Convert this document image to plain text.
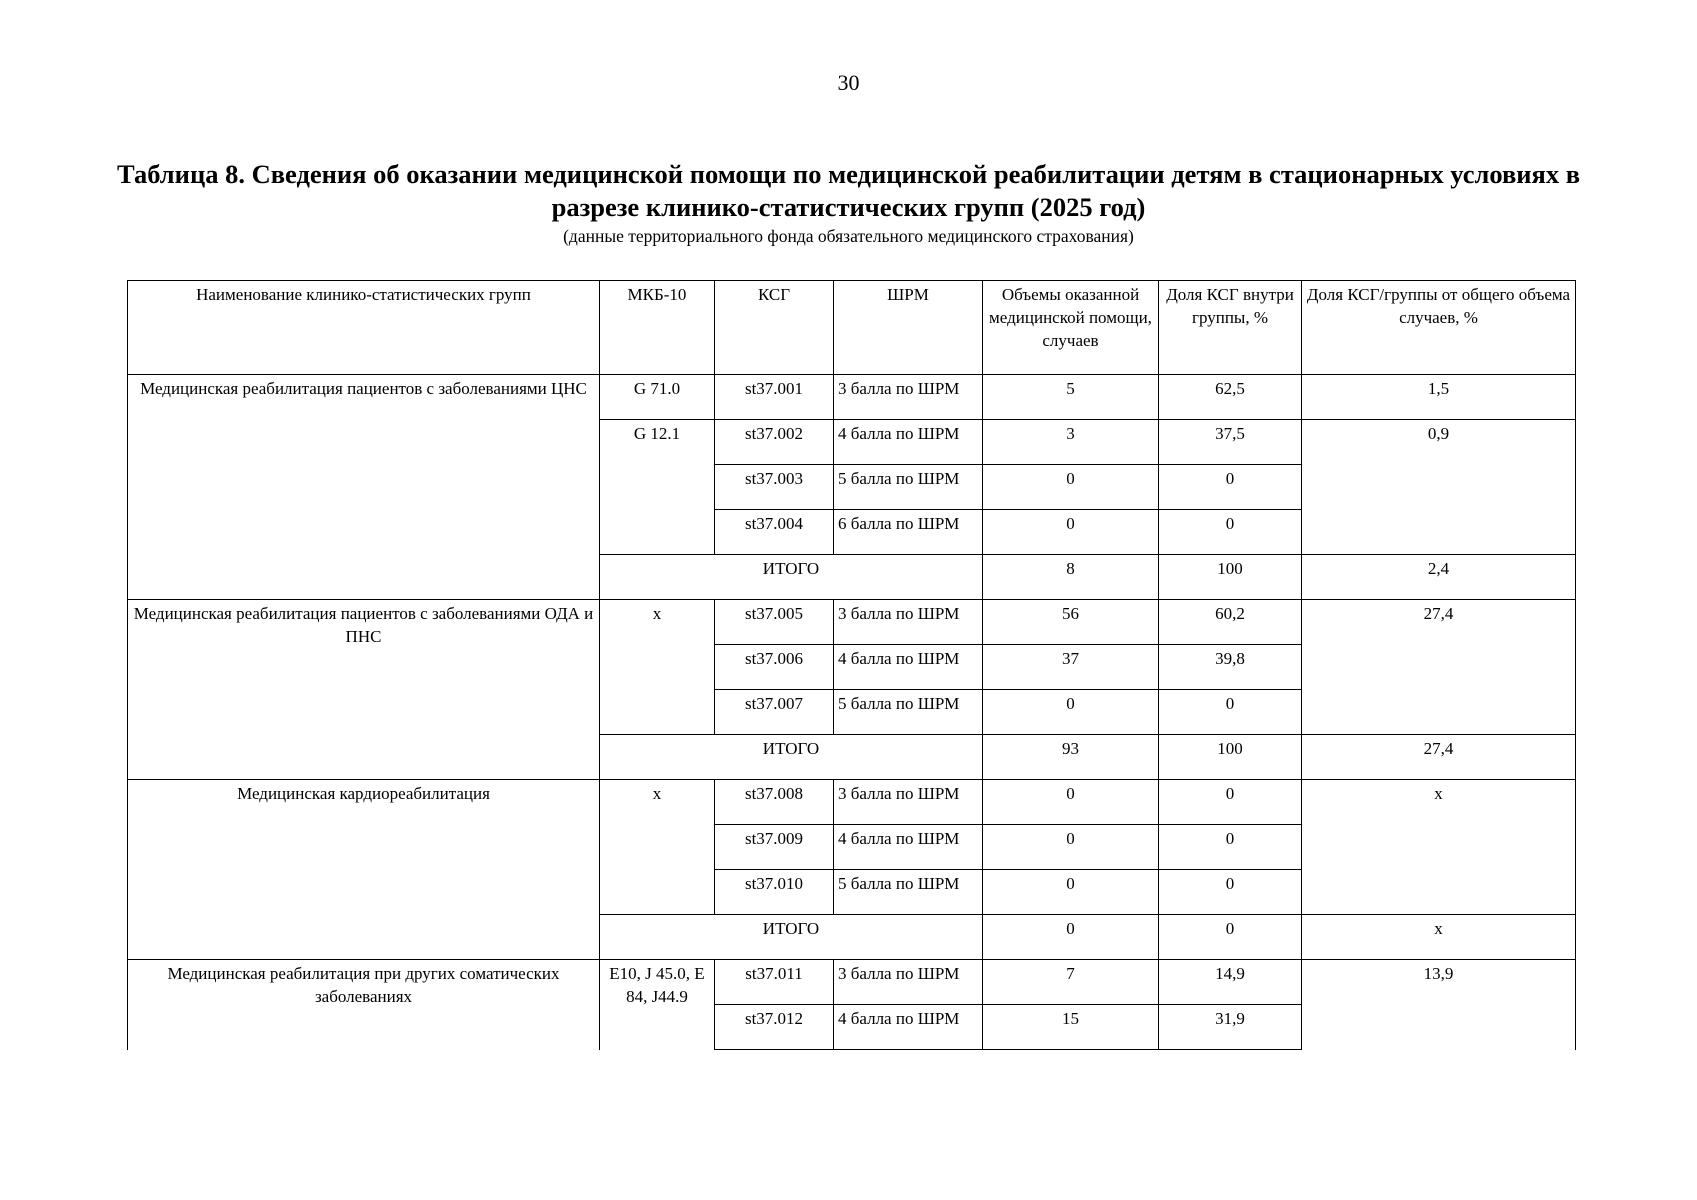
30
Таблица 8. Сведения об оказании медицинской помощи по медицинской реабилитации детям в стационарных условиях в разрезе клинико-статистических групп (2025 год)
(данные территориального фонда обязательного медицинского страхования)
Наименование клинико-статистических групп	МКБ-10	КСГ	ШРМ	Объемы оказанной медицинской помощи, случаев	Доля КСГ внутри группы, %	Доля КСГ/группы от общего объема случаев, %
Медицинская реабилитация пациентов с заболеваниями ЦНС	G 71.0	st37.001	3 балла по ШРМ	5	62,5	1,5
	G 12.1	st37.002	4 балла по ШРМ	3	37,5	0,9
		st37.003	5 балла по ШРМ	0	0	
		st37.004	6 балла по ШРМ	0	0	
	ИТОГО			8	100	2,4
Медицинская реабилитация пациентов с заболеваниями ОДА и ПНС	х	st37.005	3 балла по ШРМ	56	60,2	27,4
		st37.006	4 балла по ШРМ	37	39,8	
		st37.007	5 балла по ШРМ	0	0	
	ИТОГО			93	100	27,4
Медицинская кардиореабилитация	х	st37.008	3 балла по ШРМ	0	0	х
		st37.009	4 балла по ШРМ	0	0	
		st37.010	5 балла по ШРМ	0	0	
	ИТОГО			0	0	х
Медицинская реабилитация при других соматических заболеваниях	E10, J 45.0, E 84, J44.9	st37.011	3 балла по ШРМ	7	14,9	13,9
		st37.012	4 балла по ШРМ	15	31,9	
